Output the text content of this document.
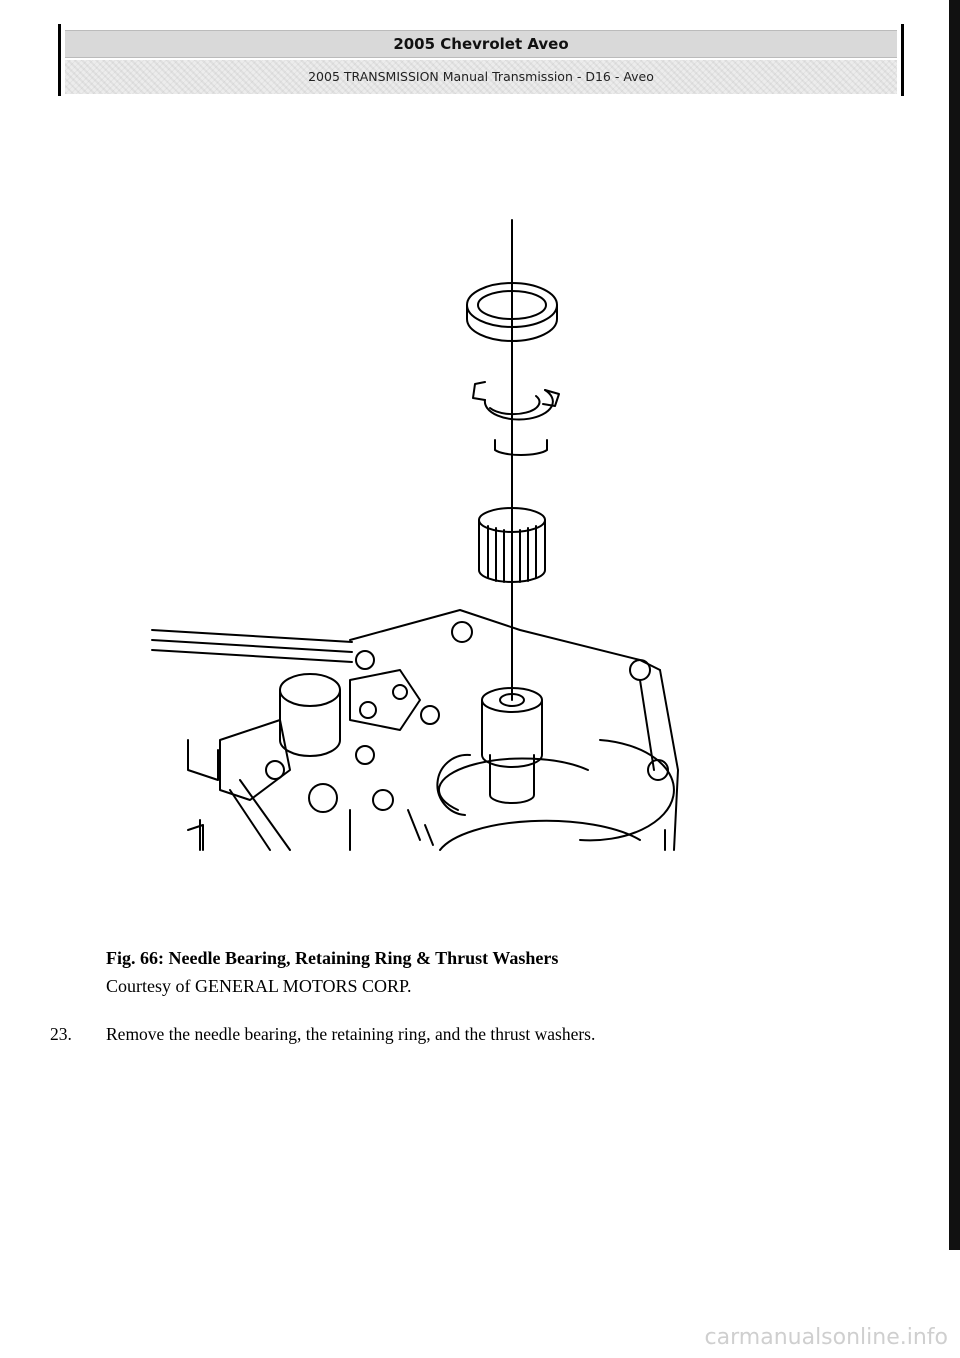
2005 Chevrolet Aveo
2005 TRANSMISSION Manual Transmission - D16 - Aveo
Fig. 66: Needle Bearing, Retaining Ring & Thrust Washers
Courtesy of GENERAL MOTORS CORP.
23. Remove the needle bearing, the retaining ring, and the thrust washers.
carmanualsonline.info
